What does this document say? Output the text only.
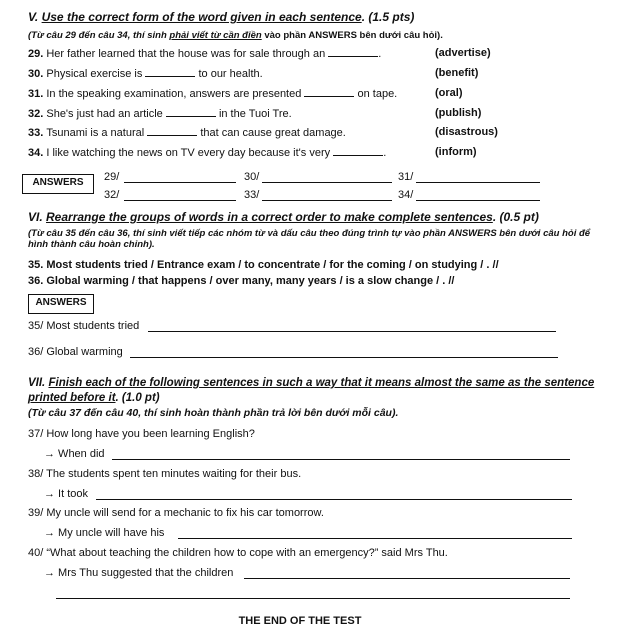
V. Use the correct form of the word given in each sentence. (1.5 pts)
(Từ câu 29 đến câu 34, thí sinh phải viết từ cần điền vào phần ANSWERS bên dưới câu hỏi).
29. Her father learned that the house was for sale through an	.	(advertise)
30. Physical exercise is	to our health.	(benefit)
31. In the speaking examination, answers are presented	on tape.	(oral)
32. She's just had an article	in the Tuoi Tre.	(publish)
33. Tsunami is a natural	that can cause great damage.	(disastrous)
34. I like watching the news on TV every day because it's very	.	(inform)
ANSWERS	29/	30/	31/
32/	33/	34/
VI. Rearrange the groups of words in a correct order to make complete sentences. (0.5 pt)
(Từ câu 35 đến câu 36, thí sinh viết tiếp các nhóm từ và dấu câu theo đúng trình tự vào phần ANSWERS bên dưới câu hỏi để hình thành câu hoàn chỉnh).
35. Most students tried / Entrance exam / to concentrate / for the coming / on studying / . //
36. Global warming / that happens / over many, many years / is a slow change / . //
ANSWERS
35/ Most students tried
36/ Global warming
VII. Finish each of the following sentences in such a way that it means almost the same as the sentence
printed before it. (1.0 pt)
(Từ câu 37 đến câu 40, thí sinh hoàn thành phần trả lời bên dưới mỗi câu).
37/ How long have you been learning English?
→ When did
38/ The students spent ten minutes waiting for their bus.
→ It took
39/ My uncle will send for a mechanic to fix his car tomorrow.
→ My uncle will have his
40/ “What about teaching the children how to cope with an emergency?” said Mrs Thu.
→ Mrs Thu suggested that the children
THE END OF THE TEST
